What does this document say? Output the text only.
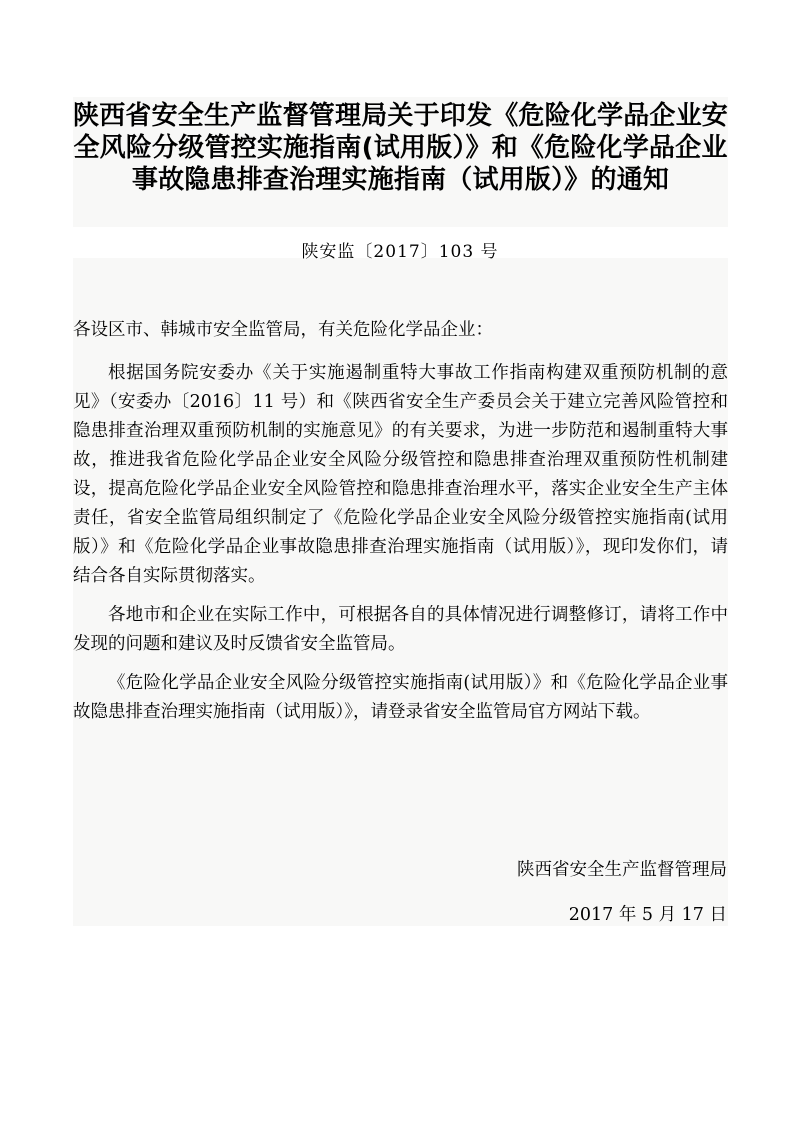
陕西省安全生产监督管理局关于印发《危险化学品企业安全风险分级管控实施指南(试用版）》和《危险化学品企业事故隐患排查治理实施指南（试用版）》的通知
陕安监〔2017〕103 号

各设区市、韩城市安全监管局，有关危险化学品企业：

根据国务院安委办《关于实施遏制重特大事故工作指南构建双重预防机制的意见》（安委办〔2016〕11 号）和《陕西省安全生产委员会关于建立完善风险管控和隐患排查治理双重预防机制的实施意见》的有关要求，为进一步防范和遏制重特大事故，推进我省危险化学品企业安全风险分级管控和隐患排查治理双重预防性机制建设，提高危险化学品企业安全风险管控和隐患排查治理水平，落实企业安全生产主体责任，省安全监管局组织制定了《危险化学品企业安全风险分级管控实施指南(试用版）》和《危险化学品企业事故隐患排查治理实施指南（试用版）》，现印发你们，请结合各自实际贯彻落实。

各地市和企业在实际工作中，可根据各自的具体情况进行调整修订，请将工作中发现的问题和建议及时反馈省安全监管局。

《危险化学品企业安全风险分级管控实施指南(试用版）》和《危险化学品企业事故隐患排查治理实施指南（试用版）》，请登录省安全监管局官方网站下载。

陕西省安全生产监督管理局
2017 年 5 月 17 日
